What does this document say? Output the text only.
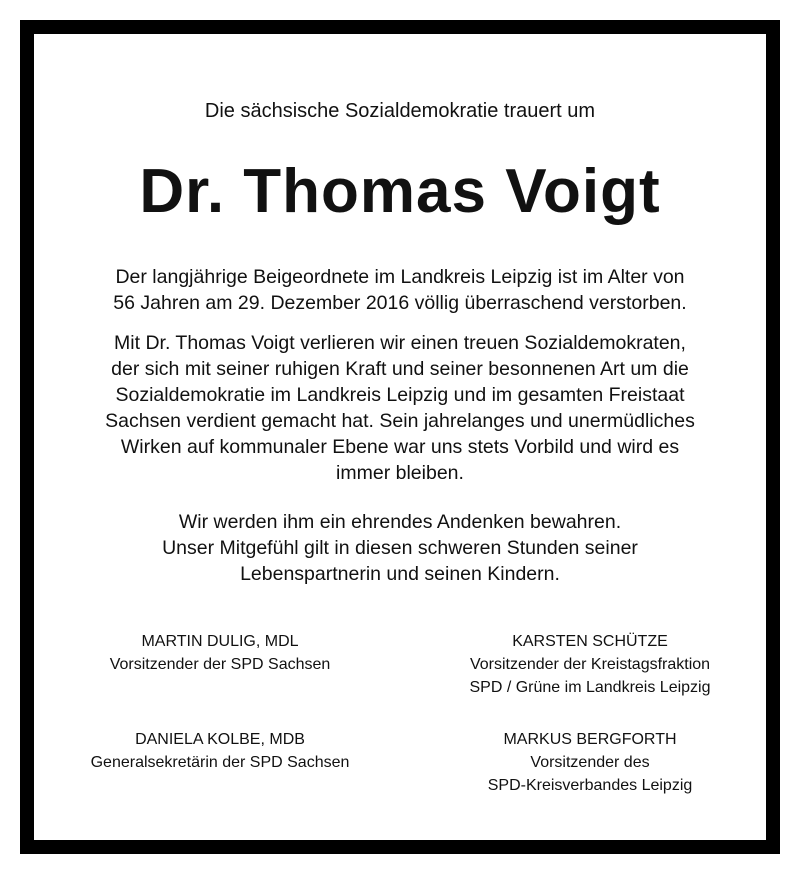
Die sächsische Sozialdemokratie trauert um
Dr. Thomas Voigt

Der langjährige Beigeordnete im Landkreis Leipzig ist im Alter von
56 Jahren am 29. Dezember 2016 völlig überraschend verstorben.

Mit Dr. Thomas Voigt verlieren wir einen treuen Sozialdemokraten,
der sich mit seiner ruhigen Kraft und seiner besonnenen Art um die
Sozialdemokratie im Landkreis Leipzig und im gesamten Freistaat
Sachsen verdient gemacht hat. Sein jahrelanges und unermüdliches
Wirken auf kommunaler Ebene war uns stets Vorbild und wird es
immer bleiben.

Wir werden ihm ein ehrendes Andenken bewahren.
Unser Mitgefühl gilt in diesen schweren Stunden seiner
Lebenspartnerin und seinen Kindern.

MARTIN DULIG, MDL
Vorsitzender der SPD Sachsen
KARSTEN SCHÜTZE
Vorsitzender der Kreistagsfraktion
SPD / Grüne im Landkreis Leipzig
DANIELA KOLBE, MDB
Generalsekretärin der SPD Sachsen
MARKUS BERGFORTH
Vorsitzender des
SPD-Kreisverbandes Leipzig
